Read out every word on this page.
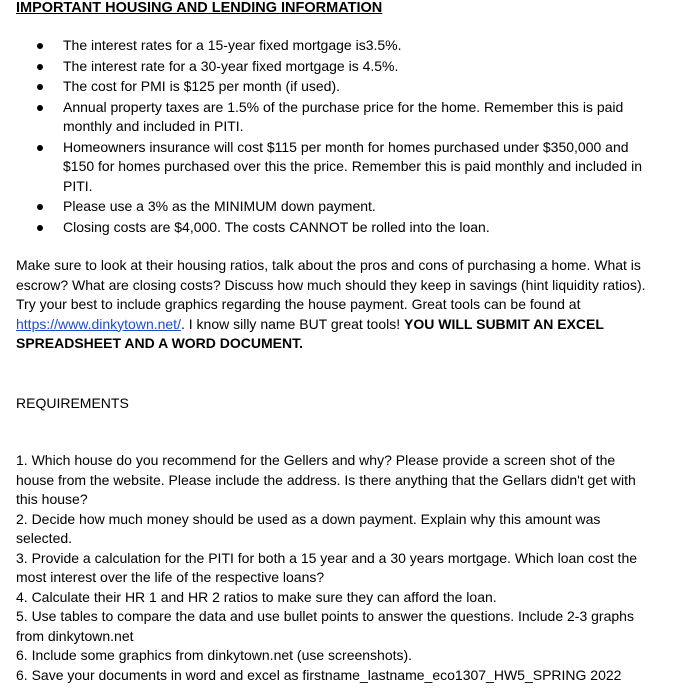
IMPORTANT HOUSING AND LENDING INFORMATION
The interest rates for a 15-year fixed mortgage is3.5%.
The interest rate for a 30-year fixed mortgage is 4.5%.
The cost for PMI is $125 per month (if used).
Annual property taxes are 1.5% of the purchase price for the home. Remember this is paid monthly and included in PITI.
Homeowners insurance will cost $115 per month for homes purchased under $350,000 and $150 for homes purchased over this the price. Remember this is paid monthly and included in PITI.
Please use a 3% as the MINIMUM down payment.
Closing costs are $4,000. The costs CANNOT be rolled into the loan.

Make sure to look at their housing ratios, talk about the pros and cons of purchasing a home. What is escrow? What are closing costs? Discuss how much should they keep in savings (hint liquidity ratios). Try your best to include graphics regarding the house payment. Great tools can be found at https://www.dinkytown.net/. I know silly name BUT great tools! YOU WILL SUBMIT AN EXCEL SPREADSHEET AND A WORD DOCUMENT.

REQUIREMENTS

1. Which house do you recommend for the Gellers and why? Please provide a screen shot of the house from the website. Please include the address. Is there anything that the Gellars didn't get with this house?
2. Decide how much money should be used as a down payment. Explain why this amount was selected.
3. Provide a calculation for the PITI for both a 15 year and a 30 years mortgage. Which loan cost the most interest over the life of the respective loans?
4. Calculate their HR 1 and HR 2 ratios to make sure they can afford the loan.
5. Use tables to compare the data and use bullet points to answer the questions. Include 2-3 graphs from dinkytown.net
6. Include some graphics from dinkytown.net (use screenshots).
6. Save your documents in word and excel as firstname_lastname_eco1307_HW5_SPRING 2022
